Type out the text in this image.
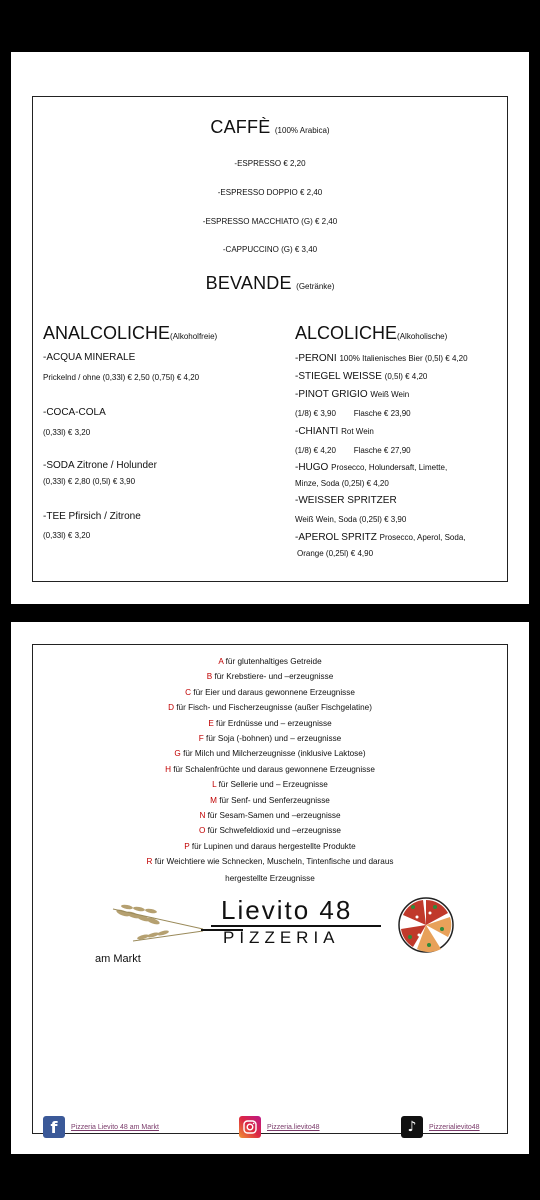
CAFFÈ (100% Arabica)
-ESPRESSO € 2,20
-ESPRESSO DOPPIO € 2,40
-ESPRESSO MACCHIATO (G) € 2,40
-CAPPUCCINO (G) € 3,40
BEVANDE (Getränke)
ANALCOLICHE(Alkoholfreie)
-ACQUA MINERALE
Prickelnd / ohne (0,33l) € 2,50 (0,75l) € 4,20
-COCA-COLA
(0,33l) € 3,20
-SODA Zitrone / Holunder
(0,33l) € 2,80 (0,5l) € 3,90
-TEE Pfirsich / Zitrone
(0,33l) € 3,20
ALCOLICHE(Alkoholische)
-PERONI 100% Italienisches Bier (0,5l) € 4,20
-STIEGEL WEISSE (0,5l) € 4,20
-PINOT GRIGIO Weiß Wein
(1/8) € 3,90        Flasche € 23,90
-CHIANTI Rot Wein
(1/8) € 4,20        Flasche € 27,90
-HUGO Prosecco, Holundersaft, Limette,
Minze, Soda (0,25l) € 4,20
-WEISSER SPRITZER
Weiß Wein, Soda (0,25l) € 3,90
-APEROL SPRITZ Prosecco, Aperol, Soda,
Orange (0,25l) € 4,90
A für glutenhaltiges Getreide
B für Krebstiere- und –erzeugnisse
C für Eier und daraus gewonnene Erzeugnisse
D für Fisch- und Fischerzeugnisse (außer Fischgelatine)
E für Erdnüsse und – erzeugnisse
F für Soja (-bohnen) und – erzeugnisse
G für Milch und Milcherzeugnisse (inklusive Laktose)
H für Schalenfrüchte und daraus gewonnene Erzeugnisse
L für Sellerie und – Erzeugnisse
M für Senf- und Senferzeugnisse
N für Sesam-Samen und –erzeugnisse
O für Schwefeldioxid und –erzeugnisse
P für Lupinen und daraus hergestellte Produkte
R für Weichtiere wie Schnecken, Muscheln, Tintenfische und daraus
hergestellte Erzeugnisse
Lievito 48
PIZZERIA
am Markt
f	Pizzeria Lievito 48 am Markt	Pizzeria.lievito48	♪	Pizzerialievito48
